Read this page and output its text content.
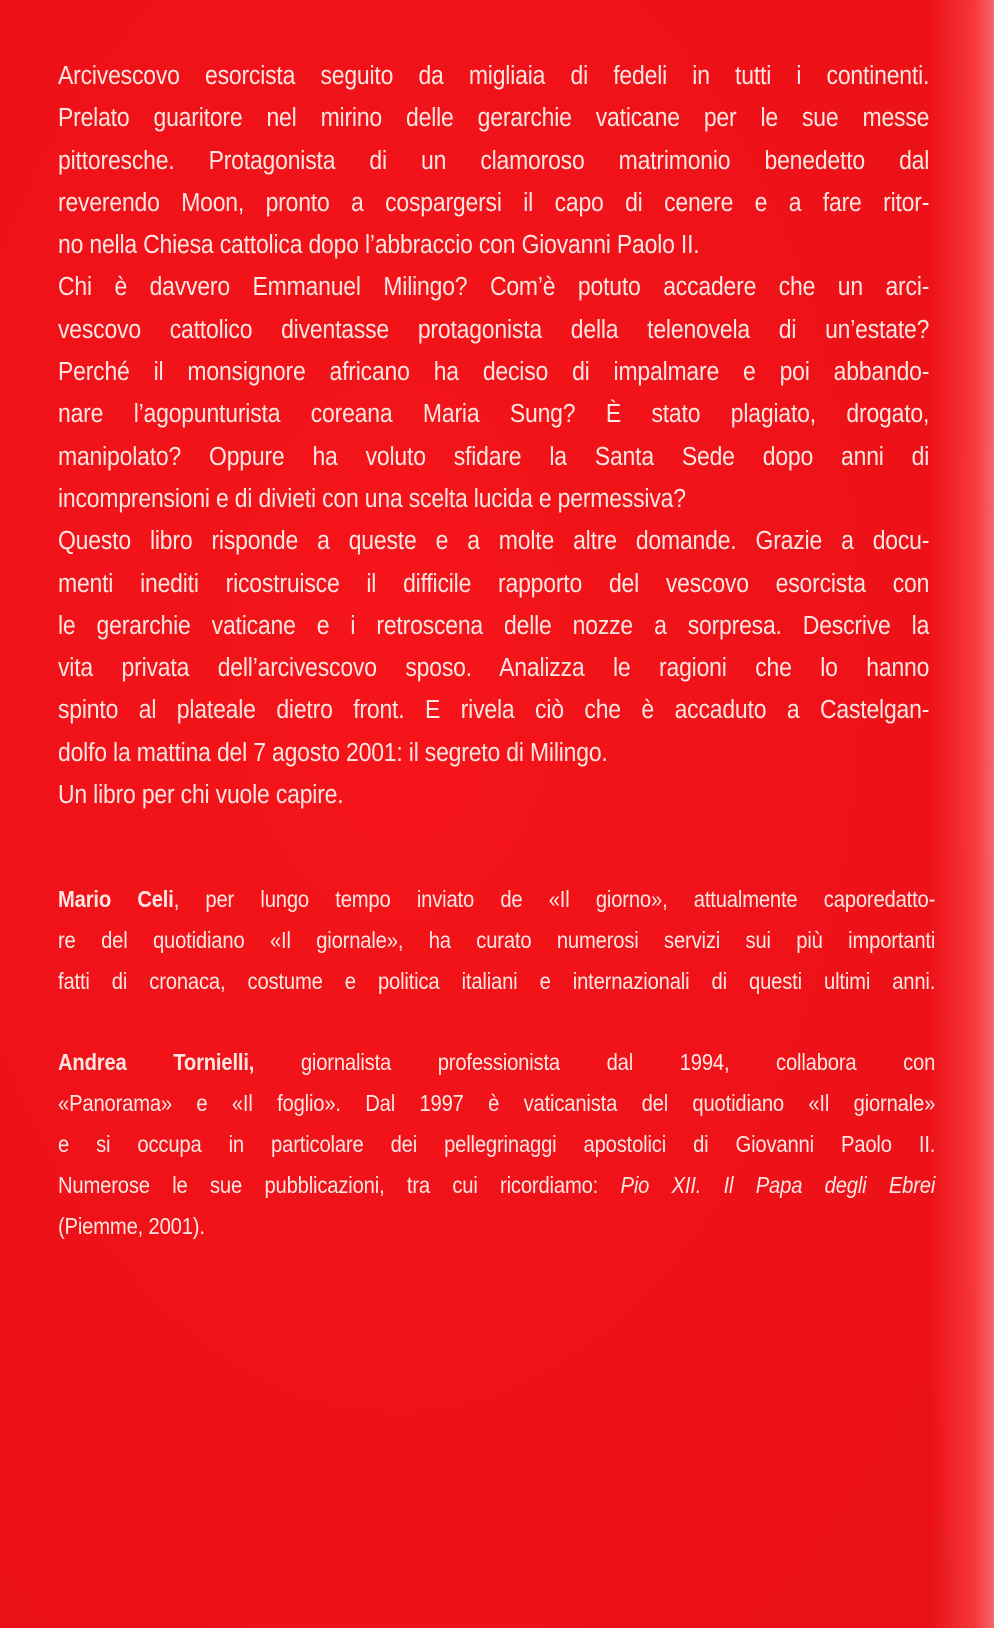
Arcivescovo esorcista seguito da migliaia di fedeli in tutti i continenti.
Prelato guaritore nel mirino delle gerarchie vaticane per le sue messe
pittoresche. Protagonista di un clamoroso matrimonio benedetto dal
reverendo Moon, pronto a cospargersi il capo di cenere e a fare ritor-
no nella Chiesa cattolica dopo l’abbraccio con Giovanni Paolo II.
Chi è davvero Emmanuel Milingo? Com’è potuto accadere che un arci-
vescovo cattolico diventasse protagonista della telenovela di un’estate?
Perché il monsignore africano ha deciso di impalmare e poi abbando-
nare l’agopunturista coreana Maria Sung? È stato plagiato, drogato,
manipolato? Oppure ha voluto sfidare la Santa Sede dopo anni di
incomprensioni e di divieti con una scelta lucida e permessiva?
Questo libro risponde a queste e a molte altre domande. Grazie a docu-
menti inediti ricostruisce il difficile rapporto del vescovo esorcista con
le gerarchie vaticane e i retroscena delle nozze a sorpresa. Descrive la
vita privata dell’arcivescovo sposo. Analizza le ragioni che lo hanno
spinto al plateale dietro front. E rivela ciò che è accaduto a Castelgan-
dolfo la mattina del 7 agosto 2001: il segreto di Milingo.
Un libro per chi vuole capire.
Mario Celi, per lungo tempo inviato de «Il giorno», attualmente caporedatto-
re del quotidiano «Il giornale», ha curato numerosi servizi sui più importanti
fatti di cronaca, costume e politica italiani e internazionali di questi ultimi anni.
Andrea Tornielli, giornalista professionista dal 1994, collabora con
«Panorama» e «Il foglio». Dal 1997 è vaticanista del quotidiano «Il giornale»
e si occupa in particolare dei pellegrinaggi apostolici di Giovanni Paolo II.
Numerose le sue pubblicazioni, tra cui ricordiamo: Pio XII. Il Papa degli Ebrei
(Piemme, 2001).
